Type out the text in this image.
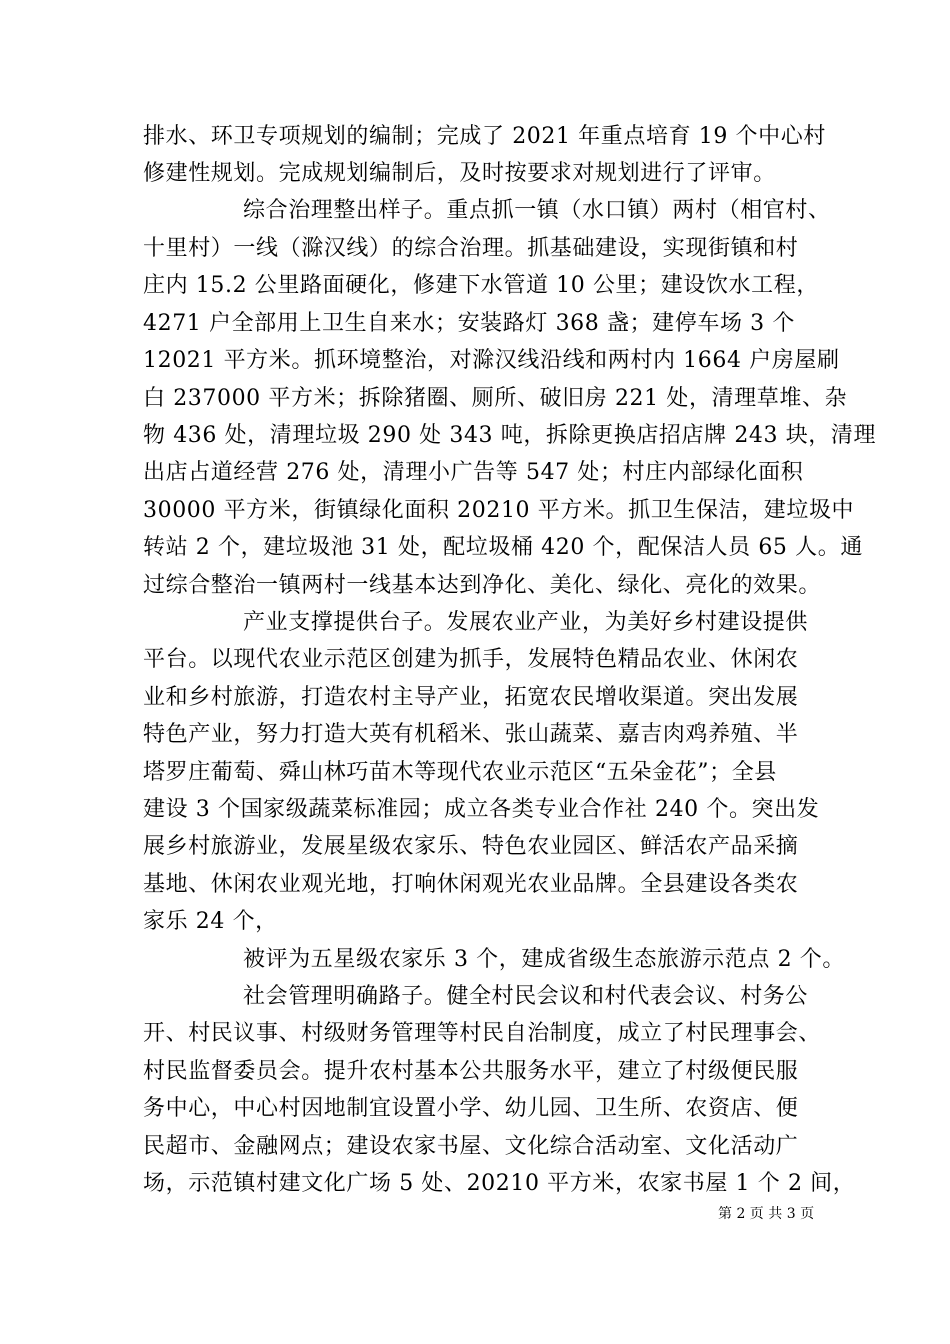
排水、环卫专项规划的编制；完成了 2021 年重点培育 19 个中心村
修建性规划。完成规划编制后，及时按要求对规划进行了评审。
综合治理整出样子。重点抓一镇（水口镇）两村（相官村、
十里村）一线（滁汉线）的综合治理。抓基础建设，实现街镇和村
庄内 15.2 公里路面硬化，修建下水管道 10 公里；建设饮水工程，
4271 户全部用上卫生自来水；安装路灯 368 盏；建停车场 3 个
12021 平方米。抓环境整治，对滁汉线沿线和两村内 1664 户房屋刷
白 237000 平方米；拆除猪圈、厕所、破旧房 221 处，清理草堆、杂
物 436 处，清理垃圾 290 处 343 吨，拆除更换店招店牌 243 块，清理
出店占道经营 276 处，清理小广告等 547 处；村庄内部绿化面积
30000 平方米，街镇绿化面积 20210 平方米。抓卫生保洁，建垃圾中
转站 2 个，建垃圾池 31 处，配垃圾桶 420 个，配保洁人员 65 人。通
过综合整治一镇两村一线基本达到净化、美化、绿化、亮化的效果。
产业支撑提供台子。发展农业产业，为美好乡村建设提供
平台。以现代农业示范区创建为抓手，发展特色精品农业、休闲农
业和乡村旅游，打造农村主导产业，拓宽农民增收渠道。突出发展
特色产业，努力打造大英有机稻米、张山蔬菜、嘉吉肉鸡养殖、半
塔罗庄葡萄、舜山林巧苗木等现代农业示范区“五朵金花”；全县
建设 3 个国家级蔬菜标准园；成立各类专业合作社 240 个。突出发
展乡村旅游业，发展星级农家乐、特色农业园区、鲜活农产品采摘
基地、休闲农业观光地，打响休闲观光农业品牌。全县建设各类农
家乐 24 个，
被评为五星级农家乐 3 个，建成省级生态旅游示范点 2 个。
社会管理明确路子。健全村民会议和村代表会议、村务公
开、村民议事、村级财务管理等村民自治制度，成立了村民理事会、
村民监督委员会。提升农村基本公共服务水平，建立了村级便民服
务中心，中心村因地制宜设置小学、幼儿园、卫生所、农资店、便
民超市、金融网点；建设农家书屋、文化综合活动室、文化活动广
场，示范镇村建文化广场 5 处、20210 平方米，农家书屋 1 个 2 间，
第 2 页 共 3 页
